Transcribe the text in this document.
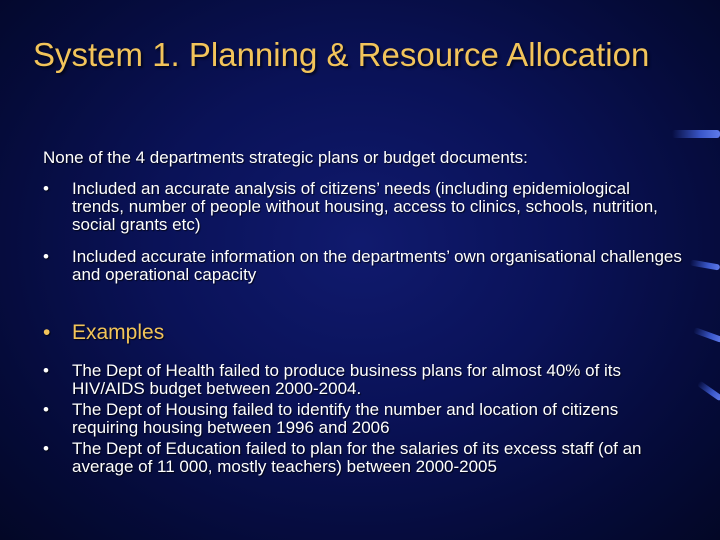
System 1. Planning & Resource Allocation

None of the 4 departments strategic plans or budget documents:

• Included an accurate analysis of citizens’ needs (including epidemiological trends, number of people without housing, access to clinics, schools, nutrition, social grants etc)
• Included accurate information on the departments’ own organisational challenges and operational capacity
• Examples
• The Dept of Health failed to produce business plans for almost 40% of its HIV/AIDS budget between 2000-2004.
• The Dept of Housing failed to identify the number and location of citizens requiring housing between 1996 and 2006
• The Dept of Education failed to plan for the salaries of its excess staff (of an average of 11 000, mostly teachers) between 2000-2005
